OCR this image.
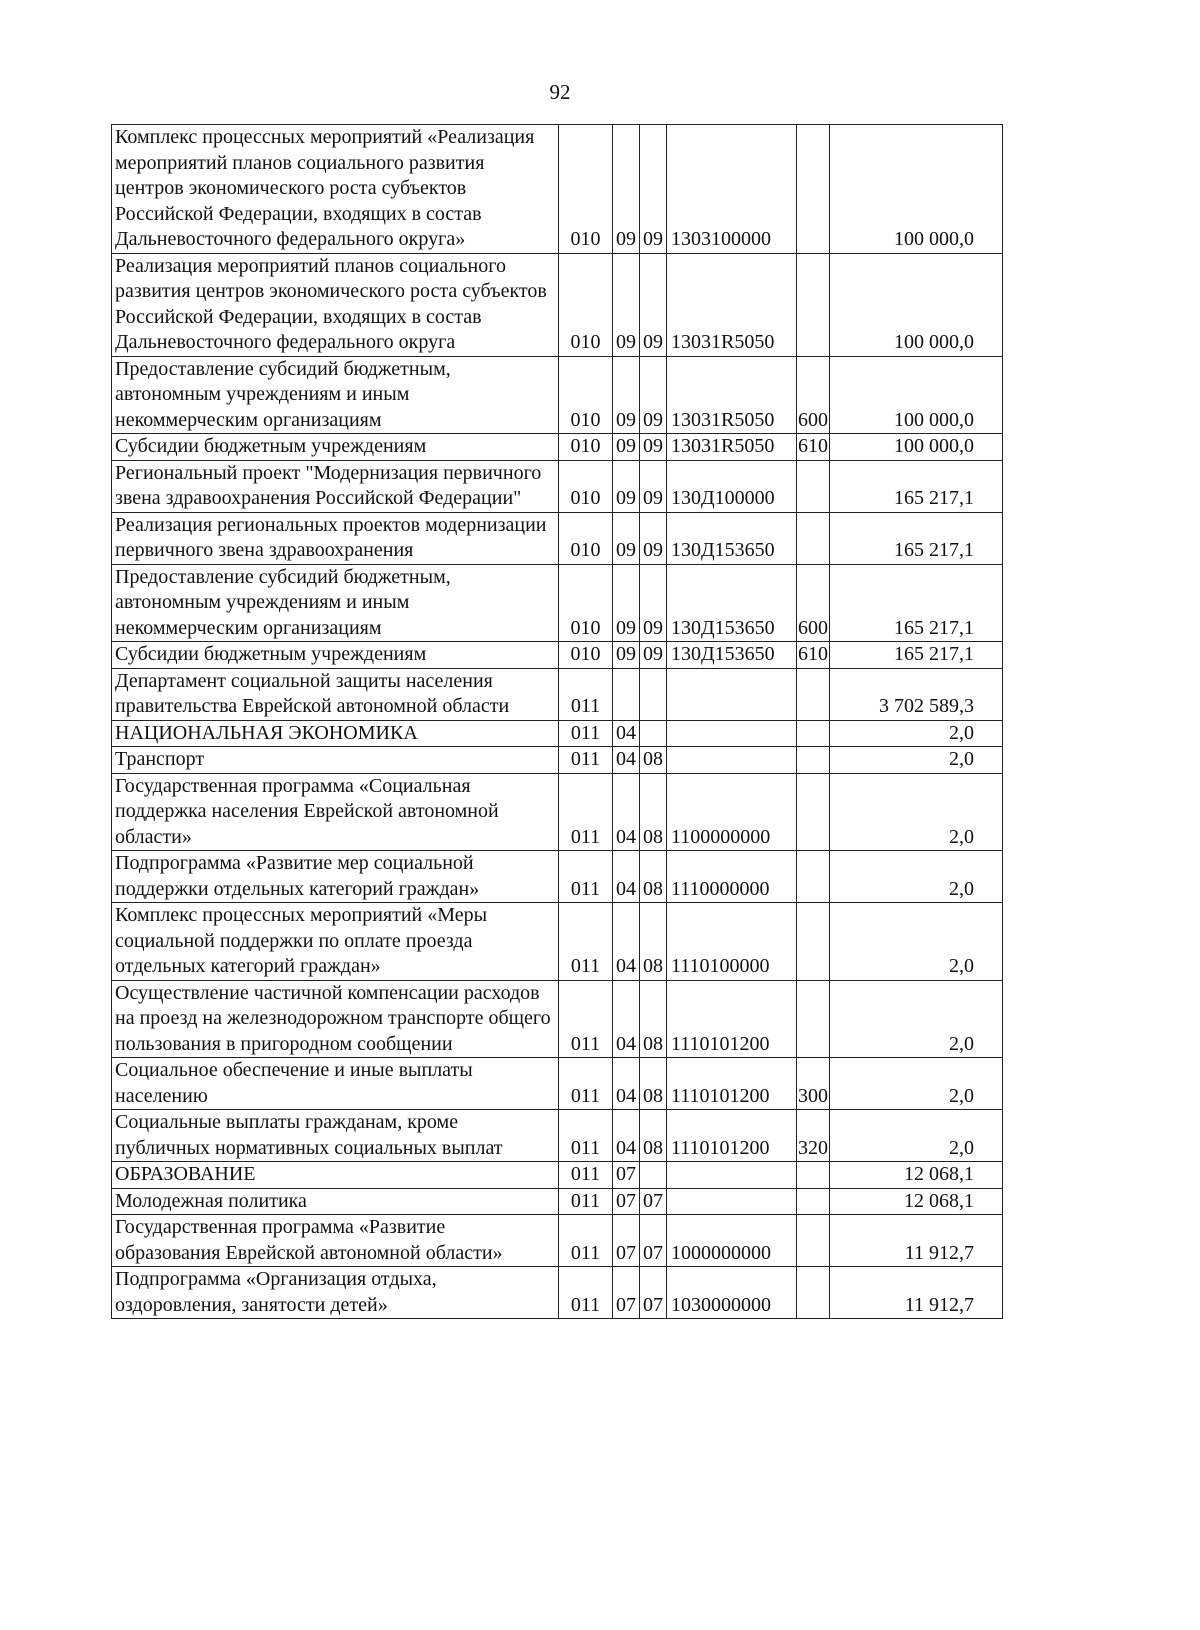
92
Комплекс процессных мероприятий «Реализация мероприятий планов социального развития центров экономического роста субъектов Российской Федерации, входящих в состав Дальневосточного федерального округа»	010	09	09	1303100000		100 000,0
Реализация мероприятий планов социального развития центров экономического роста субъектов Российской Федерации, входящих в состав Дальневосточного федерального округа	010	09	09	13031R5050		100 000,0
Предоставление субсидий бюджетным, автономным учреждениям и иным некоммерческим организациям	010	09	09	13031R5050	600	100 000,0
Субсидии бюджетным учреждениям	010	09	09	13031R5050	610	100 000,0
Региональный проект "Модернизация первичного звена здравоохранения Российской Федерации"	010	09	09	130Д100000		165 217,1
Реализация региональных проектов модернизации первичного звена здравоохранения	010	09	09	130Д153650		165 217,1
Предоставление субсидий бюджетным, автономным учреждениям и иным некоммерческим организациям	010	09	09	130Д153650	600	165 217,1
Субсидии бюджетным учреждениям	010	09	09	130Д153650	610	165 217,1
Департамент социальной защиты населения правительства Еврейской автономной области	011					3 702 589,3
НАЦИОНАЛЬНАЯ ЭКОНОМИКА	011	04				2,0
Транспорт	011	04	08			2,0
Государственная программа «Социальная поддержка населения Еврейской автономной области»	011	04	08	1100000000		2,0
Подпрограмма «Развитие мер социальной поддержки отдельных категорий граждан»	011	04	08	1110000000		2,0
Комплекс процессных мероприятий «Меры социальной поддержки по оплате проезда отдельных категорий граждан»	011	04	08	1110100000		2,0
Осуществление частичной компенсации расходов на проезд на железнодорожном транспорте общего пользования в пригородном сообщении	011	04	08	1110101200		2,0
Социальное обеспечение и иные выплаты населению	011	04	08	1110101200	300	2,0
Социальные выплаты гражданам, кроме публичных нормативных социальных выплат	011	04	08	1110101200	320	2,0
ОБРАЗОВАНИЕ	011	07				12 068,1
Молодежная политика	011	07	07			12 068,1
Государственная программа «Развитие образования Еврейской автономной области»	011	07	07	1000000000		11 912,7
Подпрограмма «Организация отдыха, оздоровления, занятости детей»	011	07	07	1030000000		11 912,7
